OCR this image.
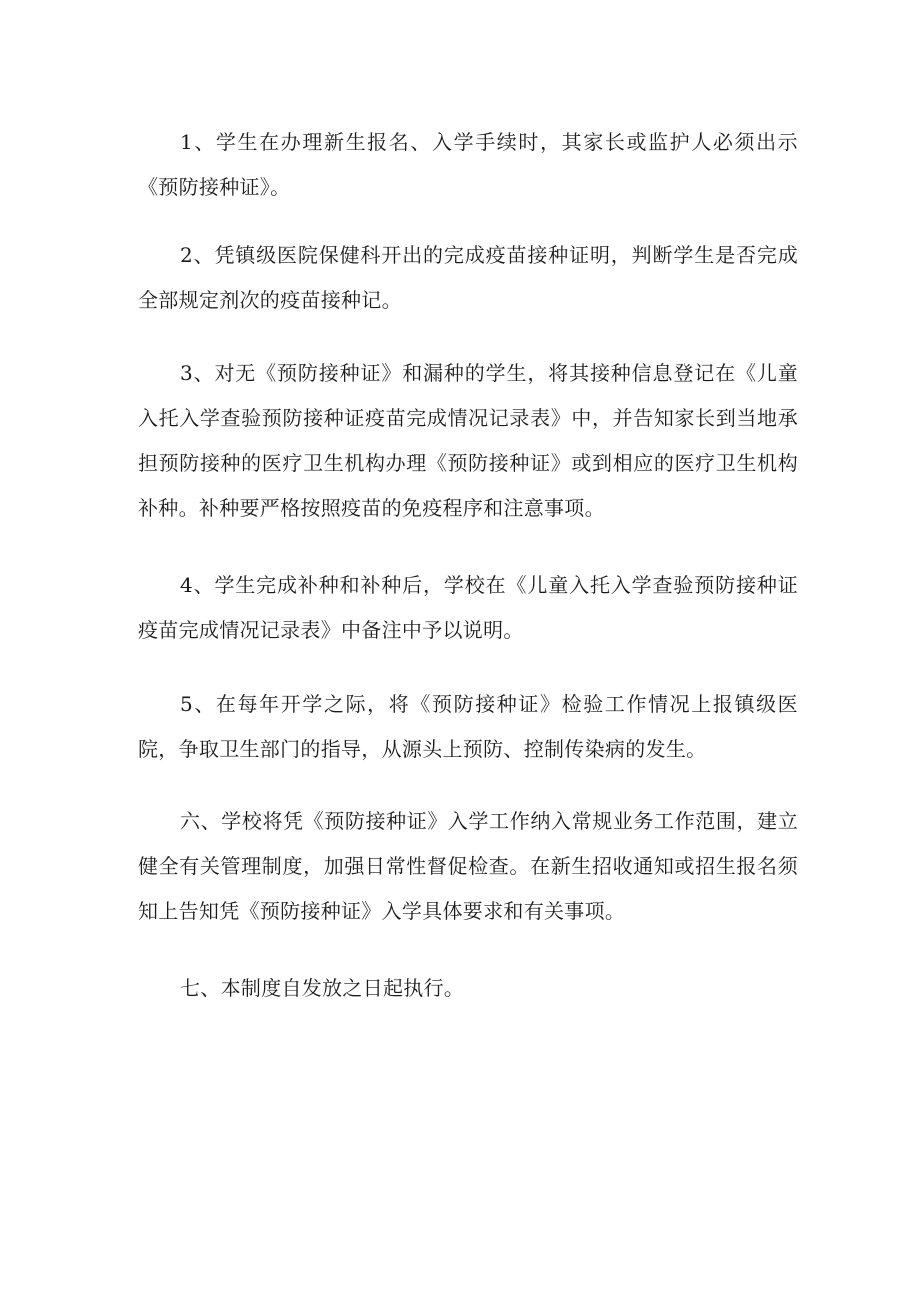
1、学生在办理新生报名、入学手续时，其家长或监护人必须出示《预防接种证》。

2、凭镇级医院保健科开出的完成疫苗接种证明，判断学生是否完成全部规定剂次的疫苗接种记。

3、对无《预防接种证》和漏种的学生，将其接种信息登记在《儿童入托入学查验预防接种证疫苗完成情况记录表》中，并告知家长到当地承担预防接种的医疗卫生机构办理《预防接种证》或到相应的医疗卫生机构补种。补种要严格按照疫苗的免疫程序和注意事项。

4、学生完成补种和补种后，学校在《儿童入托入学查验预防接种证疫苗完成情况记录表》中备注中予以说明。

5、在每年开学之际，将《预防接种证》检验工作情况上报镇级医院，争取卫生部门的指导，从源头上预防、控制传染病的发生。

六、学校将凭《预防接种证》入学工作纳入常规业务工作范围，建立健全有关管理制度，加强日常性督促检查。在新生招收通知或招生报名须知上告知凭《预防接种证》入学具体要求和有关事项。

七、本制度自发放之日起执行。
